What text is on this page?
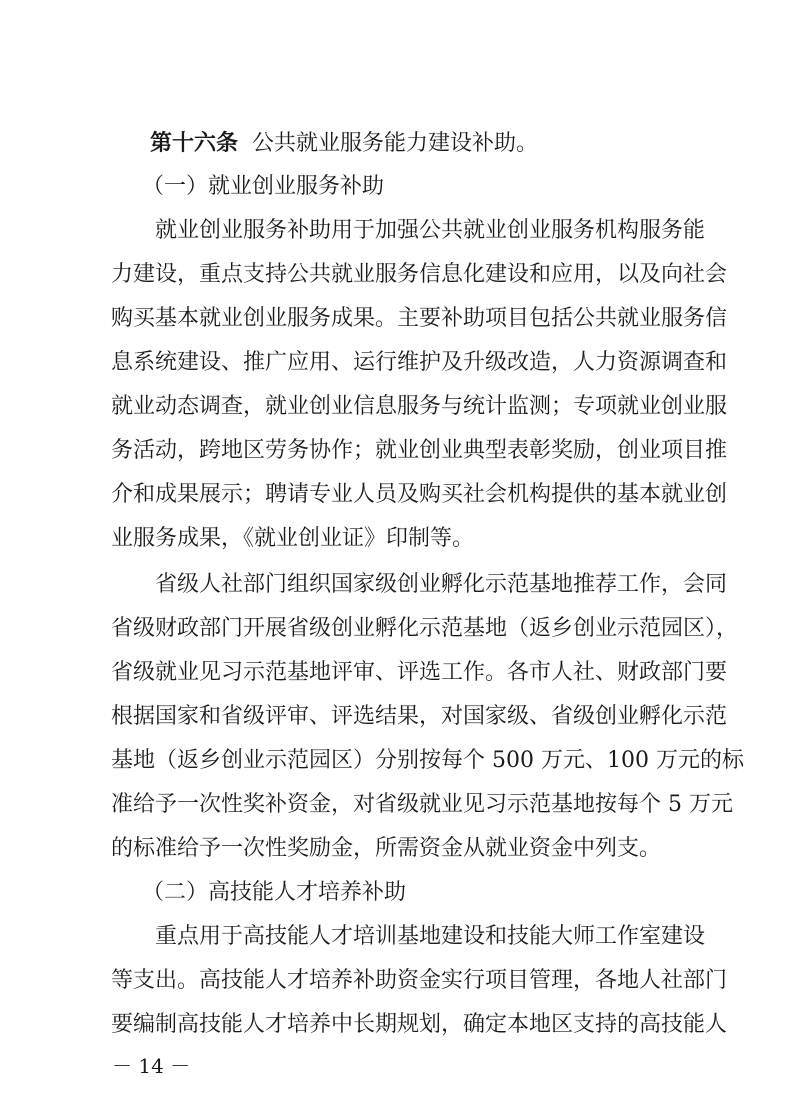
第十六条 公共就业服务能力建设补助。
（一）就业创业服务补助
就业创业服务补助用于加强公共就业创业服务机构服务能
力建设，重点支持公共就业服务信息化建设和应用，以及向社会
购买基本就业创业服务成果。主要补助项目包括公共就业服务信
息系统建设、推广应用、运行维护及升级改造，人力资源调查和
就业动态调查，就业创业信息服务与统计监测；专项就业创业服
务活动，跨地区劳务协作；就业创业典型表彰奖励，创业项目推
介和成果展示；聘请专业人员及购买社会机构提供的基本就业创
业服务成果，《就业创业证》印制等。
省级人社部门组织国家级创业孵化示范基地推荐工作，会同
省级财政部门开展省级创业孵化示范基地（返乡创业示范园区），
省级就业见习示范基地评审、评选工作。各市人社、财政部门要
根据国家和省级评审、评选结果，对国家级、省级创业孵化示范
基地（返乡创业示范园区）分别按每个 500 万元、100 万元的标
准给予一次性奖补资金，对省级就业见习示范基地按每个 5 万元
的标准给予一次性奖励金，所需资金从就业资金中列支。
（二）高技能人才培养补助
重点用于高技能人才培训基地建设和技能大师工作室建设
等支出。高技能人才培养补助资金实行项目管理，各地人社部门
要编制高技能人才培养中长期规划，确定本地区支持的高技能人
－ 14 －
